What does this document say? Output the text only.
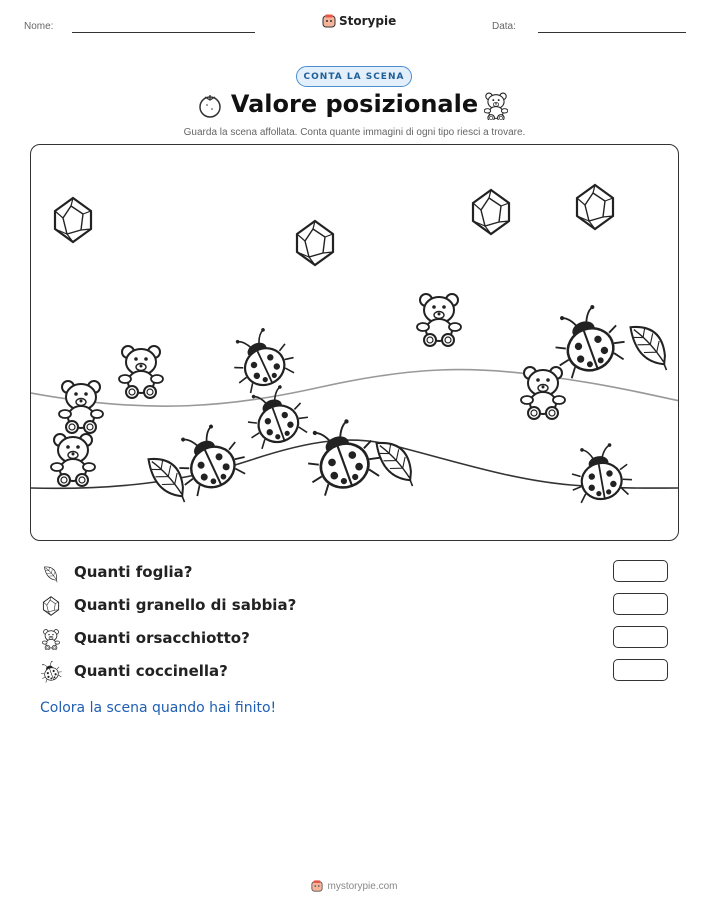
Nome:	Storypie	Data:
CONTA LA SCENA
Valore posizionale
Guarda la scena affollata. Conta quante immagini di ogni tipo riesci a trovare.
Quanti foglia?
Quanti granello di sabbia?
Quanti orsacchiotto?
Quanti coccinella?
Colora la scena quando hai finito!
mystorypie.com
